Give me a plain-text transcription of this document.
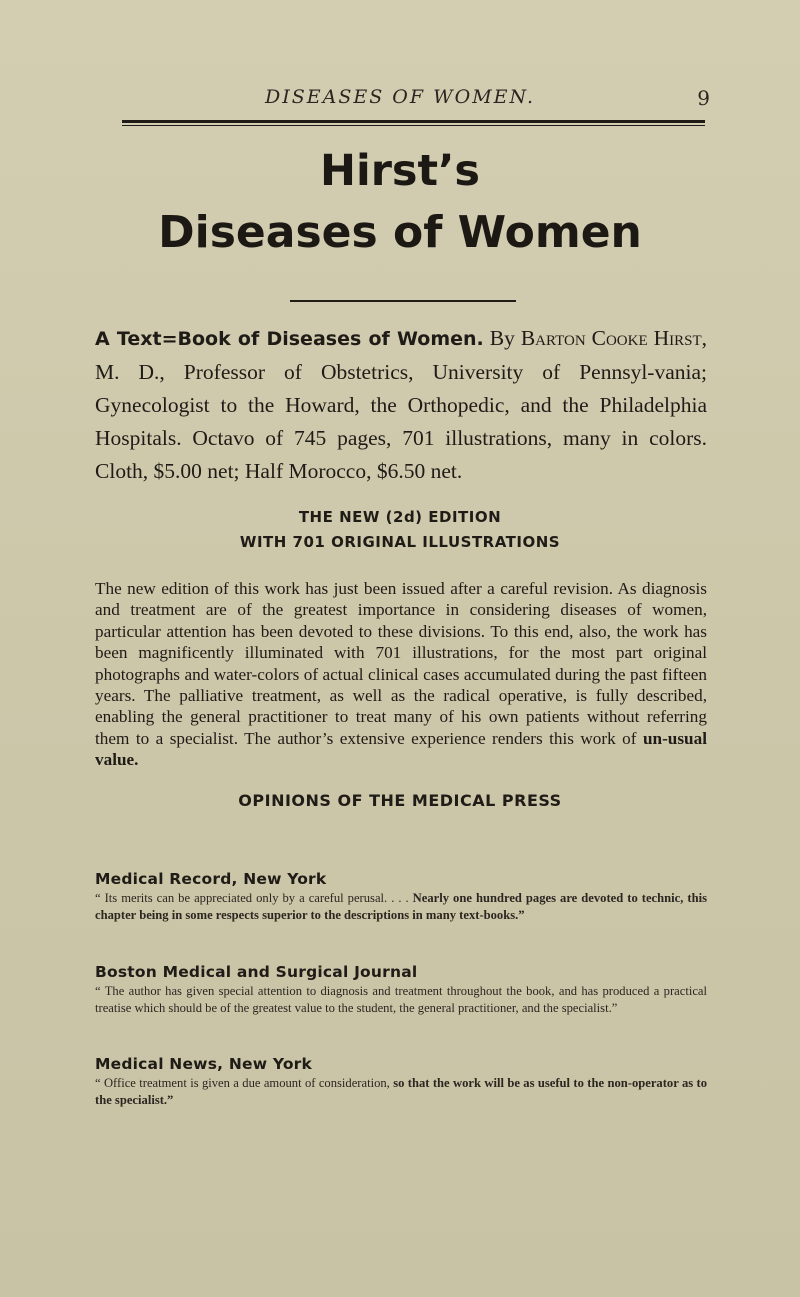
DISEASES OF WOMEN.	9
Hirst’s
Diseases of Women

A Text=Book of Diseases of Women. By Barton Cooke Hirst, M. D., Professor of Obstetrics, University of Pennsyl-vania; Gynecologist to the Howard, the Orthopedic, and the Philadelphia Hospitals. Octavo of 745 pages, 701 illustrations, many in colors. Cloth, $5.00 net; Half Morocco, $6.50 net.

THE NEW (2d) EDITION
WITH 701 ORIGINAL ILLUSTRATIONS

The new edition of this work has just been issued after a careful revision. As diagnosis and treatment are of the greatest importance in considering diseases of women, particular attention has been devoted to these divisions. To this end, also, the work has been magnificently illuminated with 701 illustrations, for the most part original photographs and water-colors of actual clinical cases accumulated during the past fifteen years. The palliative treatment, as well as the radical operative, is fully described, enabling the general practitioner to treat many of his own patients without referring them to a specialist. The author’s extensive experience renders this work of un-usual value.

OPINIONS OF THE MEDICAL PRESS

Medical Record, New York

“ Its merits can be appreciated only by a careful perusal. . . . Nearly one hundred pages are devoted to technic, this chapter being in some respects superior to the descriptions in many text-books.”

Boston Medical and Surgical Journal

“ The author has given special attention to diagnosis and treatment throughout the book, and has produced a practical treatise which should be of the greatest value to the student, the general practitioner, and the specialist.”

Medical News, New York

“ Office treatment is given a due amount of consideration, so that the work will be as useful to the non-operator as to the specialist.”
